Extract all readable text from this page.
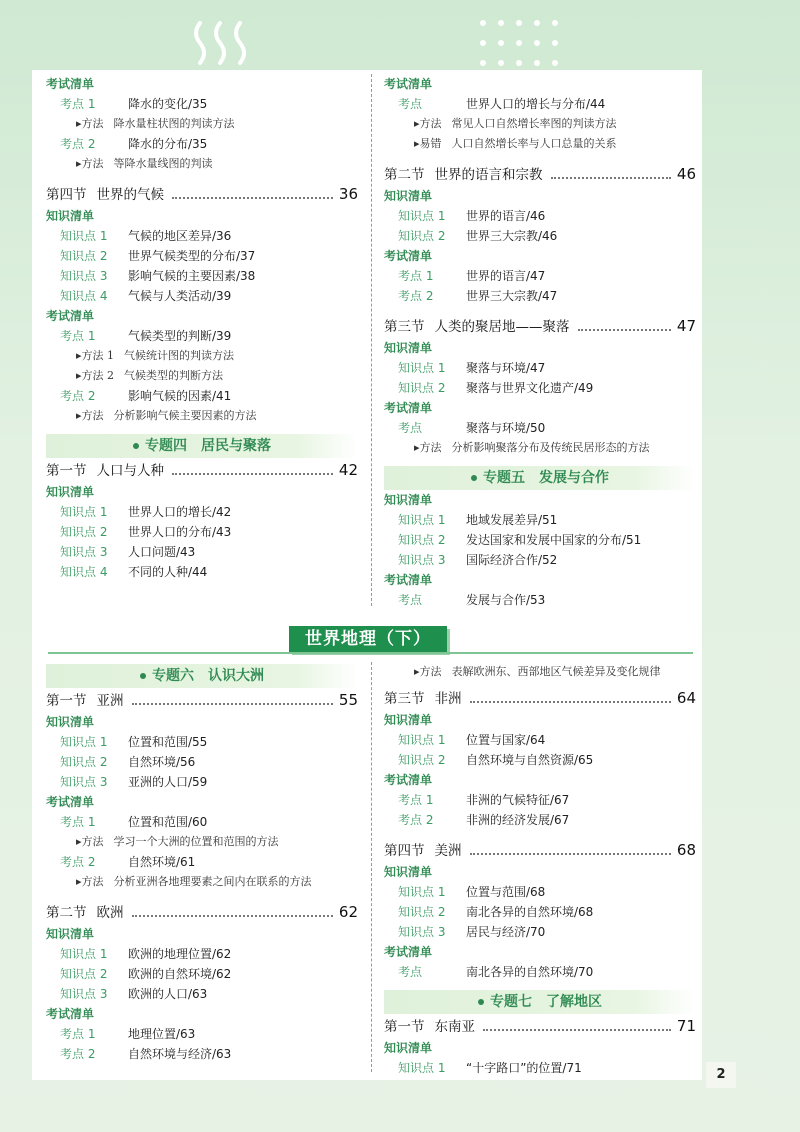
考试清单
考点 1	降水的变化/35
▸方法 降水量柱状图的判读方法
考点 2	降水的分布/35
▸方法 等降水量线图的判读
第四节 世界的气候	36
知识清单
知识点 1 气候的地区差异/36
知识点 2 世界气候类型的分布/37
知识点 3 影响气候的主要因素/38
知识点 4 气候与人类活动/39
考试清单
考点 1	气候类型的判断/39
▸方法 1 气候统计图的判读方法
▸方法 2 气候类型的判断方法
考点 2	影响气候的因素/41
▸方法 分析影响气候主要因素的方法
专题四　居民与聚落
第一节 人口与人种	42
知识清单
知识点 1 世界人口的增长/42
知识点 2 世界人口的分布/43
知识点 3 人口问题/43
知识点 4 不同的人种/44
考试清单
考点	世界人口的增长与分布/44
▸方法 常见人口自然增长率图的判读方法
▸易错 人口自然增长率与人口总量的关系
第二节 世界的语言和宗教	46
知识清单
知识点 1 世界的语言/46
知识点 2 世界三大宗教/46
考试清单
考点 1	世界的语言/47
考点 2	世界三大宗教/47
第三节 人类的聚居地——聚落	47
知识清单
知识点 1 聚落与环境/47
知识点 2 聚落与世界文化遗产/49
考试清单
考点	聚落与环境/50
▸方法 分析影响聚落分布及传统民居形态的方法
专题五　发展与合作
知识清单
知识点 1 地域发展差异/51
知识点 2 发达国家和发展中国家的分布/51
知识点 3 国际经济合作/52
考试清单
考点	发展与合作/53
世界地理（下）
专题六　认识大洲
第一节 亚洲	55
知识清单
知识点 1 位置和范围/55
知识点 2 自然环境/56
知识点 3 亚洲的人口/59
考试清单
考点 1	位置和范围/60
▸方法 学习一个大洲的位置和范围的方法
考点 2	自然环境/61
▸方法 分析亚洲各地理要素之间内在联系的方法
第二节 欧洲	62
知识清单
知识点 1 欧洲的地理位置/62
知识点 2 欧洲的自然环境/62
知识点 3 欧洲的人口/63
考试清单
考点 1	地理位置/63
考点 2	自然环境与经济/63
▸方法 表解欧洲东、西部地区气候差异及变化规律
第三节 非洲	64
知识清单
知识点 1 位置与国家/64
知识点 2 自然环境与自然资源/65
考试清单
考点 1	非洲的气候特征/67
考点 2	非洲的经济发展/67
第四节 美洲	68
知识清单
知识点 1 位置与范围/68
知识点 2 南北各异的自然环境/68
知识点 3 居民与经济/70
考试清单
考点	南北各异的自然环境/70
专题七　了解地区
第一节 东南亚	71
知识清单
知识点 1 “十字路口”的位置/71	2
